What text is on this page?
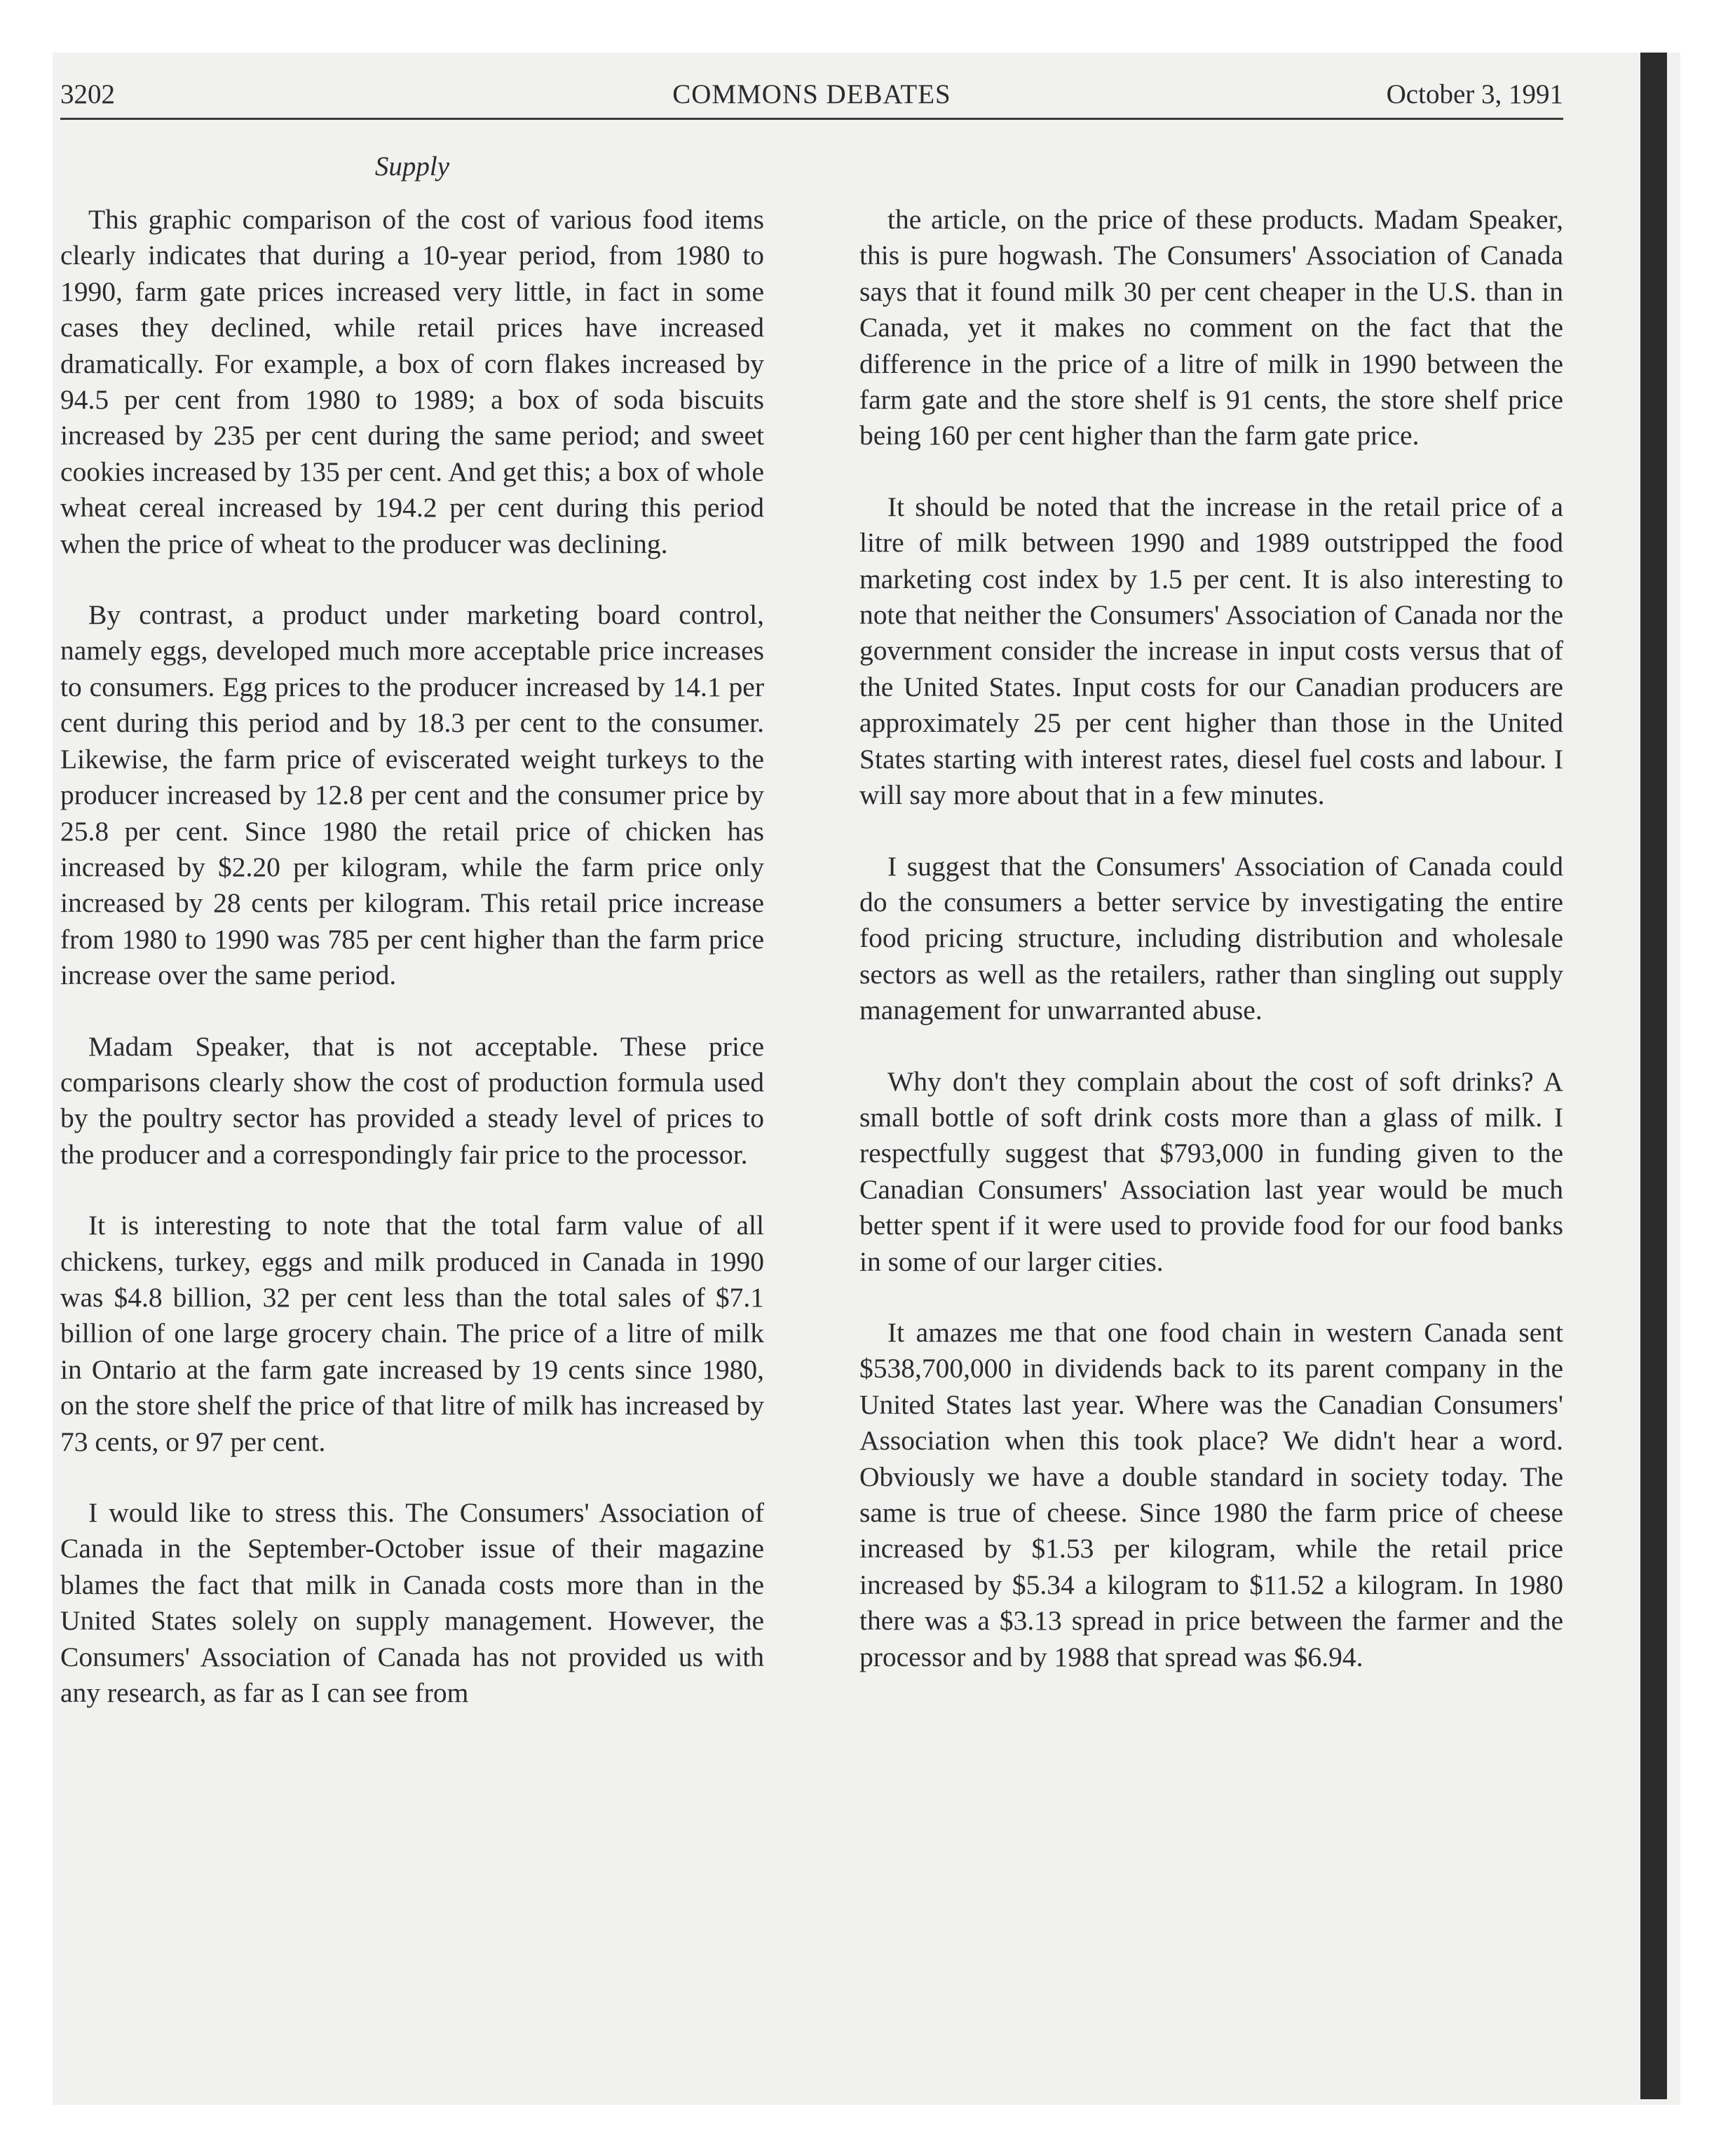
3202	COMMONS DEBATES	October 3, 1991
Supply

This graphic comparison of the cost of various food items clearly indicates that during a 10-year period, from 1980 to 1990, farm gate prices increased very little, in fact in some cases they declined, while retail prices have increased dramatically. For example, a box of corn flakes increased by 94.5 per cent from 1980 to 1989; a box of soda biscuits increased by 235 per cent during the same period; and sweet cookies increased by 135 per cent. And get this; a box of whole wheat cereal increased by 194.2 per cent during this period when the price of wheat to the producer was declining.

By contrast, a product under marketing board control, namely eggs, developed much more acceptable price increases to consumers. Egg prices to the producer increased by 14.1 per cent during this period and by 18.3 per cent to the consumer. Likewise, the farm price of eviscerated weight turkeys to the producer increased by 12.8 per cent and the consumer price by 25.8 per cent. Since 1980 the retail price of chicken has increased by $2.20 per kilogram, while the farm price only increased by 28 cents per kilogram. This retail price increase from 1980 to 1990 was 785 per cent higher than the farm price increase over the same period.

Madam Speaker, that is not acceptable. These price comparisons clearly show the cost of production formula used by the poultry sector has provided a steady level of prices to the producer and a correspondingly fair price to the processor.

It is interesting to note that the total farm value of all chickens, turkey, eggs and milk produced in Canada in 1990 was $4.8 billion, 32 per cent less than the total sales of $7.1 billion of one large grocery chain. The price of a litre of milk in Ontario at the farm gate increased by 19 cents since 1980, on the store shelf the price of that litre of milk has increased by 73 cents, or 97 per cent.

I would like to stress this. The Consumers' Association of Canada in the September-October issue of their magazine blames the fact that milk in Canada costs more than in the United States solely on supply management. However, the Consumers' Association of Canada has not provided us with any research, as far as I can see from

the article, on the price of these products. Madam Speaker, this is pure hogwash. The Consumers' Association of Canada says that it found milk 30 per cent cheaper in the U.S. than in Canada, yet it makes no comment on the fact that the difference in the price of a litre of milk in 1990 between the farm gate and the store shelf is 91 cents, the store shelf price being 160 per cent higher than the farm gate price.

It should be noted that the increase in the retail price of a litre of milk between 1990 and 1989 outstripped the food marketing cost index by 1.5 per cent. It is also interesting to note that neither the Consumers' Association of Canada nor the government consider the increase in input costs versus that of the United States. Input costs for our Canadian producers are approximately 25 per cent higher than those in the United States starting with interest rates, diesel fuel costs and labour. I will say more about that in a few minutes.

I suggest that the Consumers' Association of Canada could do the consumers a better service by investigating the entire food pricing structure, including distribution and wholesale sectors as well as the retailers, rather than singling out supply management for unwarranted abuse.

Why don't they complain about the cost of soft drinks? A small bottle of soft drink costs more than a glass of milk. I respectfully suggest that $793,000 in funding given to the Canadian Consumers' Association last year would be much better spent if it were used to provide food for our food banks in some of our larger cities.

It amazes me that one food chain in western Canada sent $538,700,000 in dividends back to its parent company in the United States last year. Where was the Canadian Consumers' Association when this took place? We didn't hear a word. Obviously we have a double standard in society today. The same is true of cheese. Since 1980 the farm price of cheese increased by $1.53 per kilogram, while the retail price increased by $5.34 a kilogram to $11.52 a kilogram. In 1980 there was a $3.13 spread in price between the farmer and the processor and by 1988 that spread was $6.94.
